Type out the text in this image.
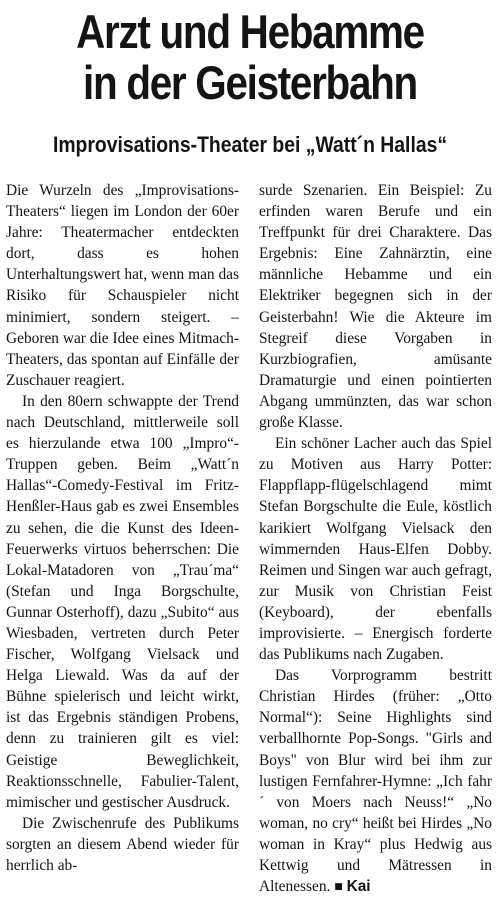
Arzt und Hebamme
in der Geisterbahn
Improvisations-Theater bei „Watt´n Hallas“

Die Wurzeln des „Improvisations-Theaters“ liegen im London der 60er Jahre: Theatermacher entdeckten dort, dass es hohen Unterhaltungswert hat, wenn man das Risiko für Schauspieler nicht minimiert, sondern steigert. – Geboren war die Idee eines Mitmach-Theaters, das spontan auf Einfälle der Zuschauer reagiert.

In den 80ern schwappte der Trend nach Deutschland, mittlerweile soll es hierzulande etwa 100 „Impro“-Truppen geben. Beim „Watt´n Hallas“-Comedy-Festival im Fritz-Henßler-Haus gab es zwei Ensembles zu sehen, die die Kunst des Ideen-Feuerwerks virtuos beherrschen: Die Lokal-Matadoren von „Trau´ma“ (Stefan und Inga Borgschulte, Gunnar Osterhoff), dazu „Subito“ aus Wiesbaden, vertreten durch Peter Fischer, Wolfgang Vielsack und Helga Liewald. Was da auf der Bühne spielerisch und leicht wirkt, ist das Ergebnis ständigen Probens, denn zu trainieren gilt es viel: Geistige Beweglichkeit, Reaktionsschnelle, Fabulier-Talent, mimischer und gestischer Ausdruck.

Die Zwischenrufe des Publikums sorgten an diesem Abend wieder für herrlich ab-

surde Szenarien. Ein Beispiel: Zu erfinden waren Berufe und ein Treffpunkt für drei Charaktere. Das Ergebnis: Eine Zahnärztin, eine männliche Hebamme und ein Elektriker begegnen sich in der Geisterbahn! Wie die Akteure im Stegreif diese Vorgaben in Kurzbiografien, amüsante Dramaturgie und einen pointierten Abgang ummünzten, das war schon große Klasse.

Ein schöner Lacher auch das Spiel zu Motiven aus Harry Potter: Flappflapp-flügelschlagend mimt Stefan Borgschulte die Eule, köstlich karikiert Wolfgang Vielsack den wimmernden Haus-Elfen Dobby. Reimen und Singen war auch gefragt, zur Musik von Christian Feist (Keyboard), der ebenfalls improvisierte. – Energisch forderte das Publikums nach Zugaben.

Das Vorprogramm bestritt Christian Hirdes (früher: „Otto Normal“): Seine Highlights sind verballhornte Pop-Songs. "Girls and Boys" von Blur wird bei ihm zur lustigen Fernfahrer-Hymne: „Ich fahr´ von Moers nach Neuss!“ „No woman, no cry“ heißt bei Hirdes „No woman in Kray“ plus Hedwig aus Kettwig und Mätressen in Altenessen. ■ Kai
